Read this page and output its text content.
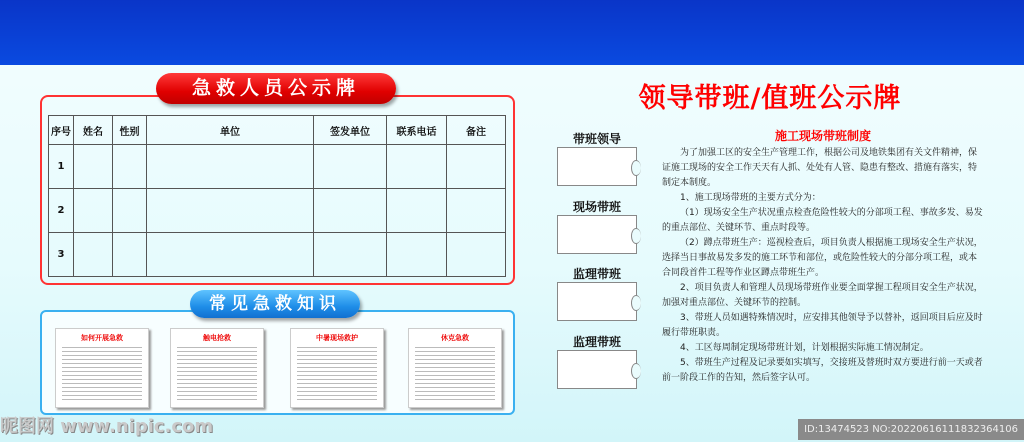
急救人员公示牌
序号	姓名	性别	单位	签发单位	联系电话	备注
1						
2						
3						
常见急救知识
如何开展急救	触电抢救	中暑现场救护	休克急救
领导带班/值班公示牌
带班领导
现场带班
监理带班
监理带班
施工现场带班制度

为了加强工区的安全生产管理工作，根据公司及地铁集团有关文件精神，保证施工现场的安全工作天天有人抓、处处有人管、隐患有整改、措施有落实，特制定本制度。

1、施工现场带班的主要方式分为：

（1）现场安全生产状况重点检查危险性较大的分部项工程、事故多发、易发的重点部位、关键环节、重点时段等。

（2）蹲点带班生产：巡视检查后，项目负责人根据施工现场安全生产状况，选择当日事故易发多发的施工环节和部位，或危险性较大的分部分项工程，或本合同段首件工程等作业区蹲点带班生产。

2、项目负责人和管理人员现场带班作业要全面掌握工程项目安全生产状况，加强对重点部位、关键环节的控制。

3、带班人员如遇特殊情况时，应安排其他领导予以替补，返回项目后应及时履行带班职责。

4、工区每周制定现场带班计划，计划根据实际施工情况制定。

5、带班生产过程及记录要如实填写，交接班及替班时双方要进行前一天或者前一阶段工作的告知，然后签字认可。

昵图网 www.nipic.com	ID:13474523 NO:20220616111832364106
